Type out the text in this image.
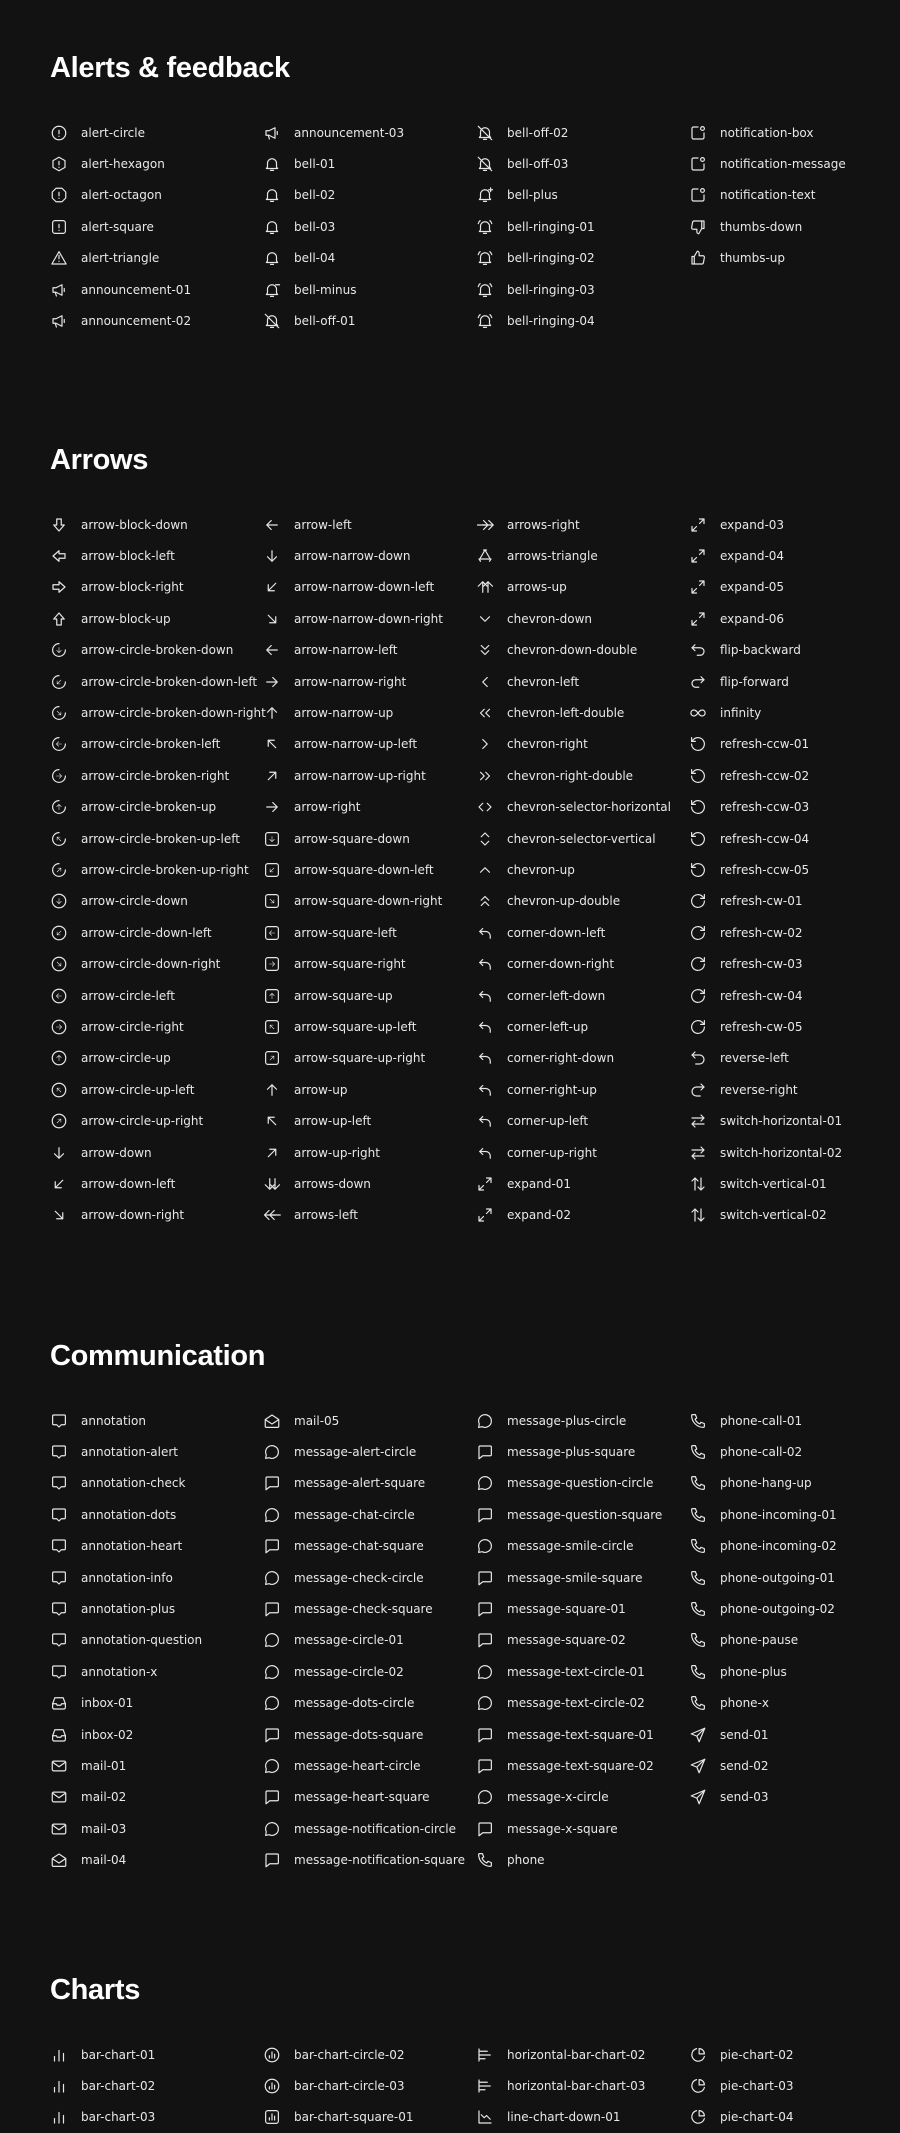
Alerts & feedback
alert-circle
alert-hexagon
alert-octagon
alert-square
alert-triangle
announcement-01
announcement-02
announcement-03
bell-01
bell-02
bell-03
bell-04
bell-minus
bell-off-01
bell-off-02
bell-off-03
bell-plus
bell-ringing-01
bell-ringing-02
bell-ringing-03
bell-ringing-04
notification-box
notification-message
notification-text
thumbs-down
thumbs-up
Arrows
arrow-block-down
arrow-block-left
arrow-block-right
arrow-block-up
arrow-circle-broken-down
arrow-circle-broken-down-left
arrow-circle-broken-down-right
arrow-circle-broken-left
arrow-circle-broken-right
arrow-circle-broken-up
arrow-circle-broken-up-left
arrow-circle-broken-up-right
arrow-circle-down
arrow-circle-down-left
arrow-circle-down-right
arrow-circle-left
arrow-circle-right
arrow-circle-up
arrow-circle-up-left
arrow-circle-up-right
arrow-down
arrow-down-left
arrow-down-right
arrow-left
arrow-narrow-down
arrow-narrow-down-left
arrow-narrow-down-right
arrow-narrow-left
arrow-narrow-right
arrow-narrow-up
arrow-narrow-up-left
arrow-narrow-up-right
arrow-right
arrow-square-down
arrow-square-down-left
arrow-square-down-right
arrow-square-left
arrow-square-right
arrow-square-up
arrow-square-up-left
arrow-square-up-right
arrow-up
arrow-up-left
arrow-up-right
arrows-down
arrows-left
arrows-right
arrows-triangle
arrows-up
chevron-down
chevron-down-double
chevron-left
chevron-left-double
chevron-right
chevron-right-double
chevron-selector-horizontal
chevron-selector-vertical
chevron-up
chevron-up-double
corner-down-left
corner-down-right
corner-left-down
corner-left-up
corner-right-down
corner-right-up
corner-up-left
corner-up-right
expand-01
expand-02
expand-03
expand-04
expand-05
expand-06
flip-backward
flip-forward
infinity
refresh-ccw-01
refresh-ccw-02
refresh-ccw-03
refresh-ccw-04
refresh-ccw-05
refresh-cw-01
refresh-cw-02
refresh-cw-03
refresh-cw-04
refresh-cw-05
reverse-left
reverse-right
switch-horizontal-01
switch-horizontal-02
switch-vertical-01
switch-vertical-02
Communication
annotation
annotation-alert
annotation-check
annotation-dots
annotation-heart
annotation-info
annotation-plus
annotation-question
annotation-x
inbox-01
inbox-02
mail-01
mail-02
mail-03
mail-04
mail-05
message-alert-circle
message-alert-square
message-chat-circle
message-chat-square
message-check-circle
message-check-square
message-circle-01
message-circle-02
message-dots-circle
message-dots-square
message-heart-circle
message-heart-square
message-notification-circle
message-notification-square
message-plus-circle
message-plus-square
message-question-circle
message-question-square
message-smile-circle
message-smile-square
message-square-01
message-square-02
message-text-circle-01
message-text-circle-02
message-text-square-01
message-text-square-02
message-x-circle
message-x-square
phone
phone-call-01
phone-call-02
phone-hang-up
phone-incoming-01
phone-incoming-02
phone-outgoing-01
phone-outgoing-02
phone-pause
phone-plus
phone-x
send-01
send-02
send-03
Charts
bar-chart-01
bar-chart-02
bar-chart-03
bar-chart-circle-02
bar-chart-circle-03
bar-chart-square-01
horizontal-bar-chart-02
horizontal-bar-chart-03
line-chart-down-01
pie-chart-02
pie-chart-03
pie-chart-04
